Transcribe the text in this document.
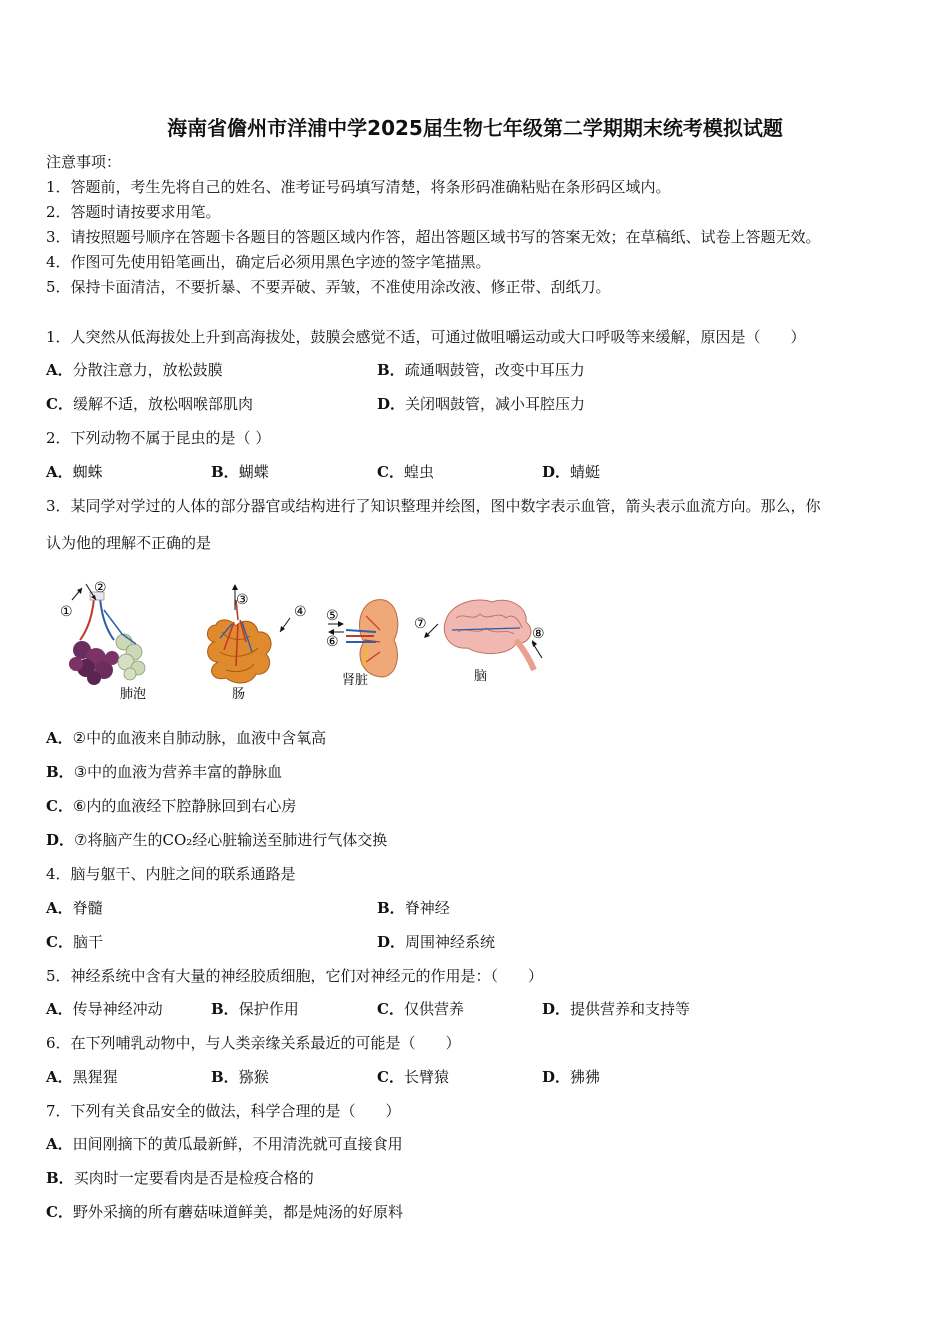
海南省儋州市洋浦中学2025届生物七年级第二学期期末统考模拟试题
注意事项：
1．答题前，考生先将自己的姓名、准考证号码填写清楚，将条形码准确粘贴在条形码区域内。
2．答题时请按要求用笔。
3．请按照题号顺序在答题卡各题目的答题区域内作答，超出答题区域书写的答案无效；在草稿纸、试卷上答题无效。
4．作图可先使用铅笔画出，确定后必须用黑色字迹的签字笔描黑。
5．保持卡面清洁，不要折暴、不要弄破、弄皱，不准使用涂改液、修正带、刮纸刀。
1．人突然从低海拔处上升到高海拔处，鼓膜会感觉不适，可通过做咀嚼运动或大口呼吸等来缓解，原因是（　　）
A．分散注意力，放松鼓膜	B．疏通咽鼓管，改变中耳压力
C．缓解不适，放松咽喉部肌肉	D．关闭咽鼓管，减小耳腔压力
2．下列动物不属于昆虫的是（ ）
A．蜘蛛	B．蝴蝶	C．蝗虫	D．蜻蜓
3．某同学对学过的人体的部分器官或结构进行了知识整理并绘图，图中数字表示血管，箭头表示血流方向。那么，你
认为他的理解不正确的是
①
②
肺泡
③
④
肠
⑤
⑥
肾脏
⑦
⑧
脑
A．②中的血液来自肺动脉，血液中含氧高
B．③中的血液为营养丰富的静脉血
C．⑥内的血液经下腔静脉回到右心房
D．⑦将脑产生的CO₂经心脏输送至肺进行气体交换
4．脑与躯干、内脏之间的联系通路是
A．脊髓	B．脊神经
C．脑干	D．周围神经系统
5．神经系统中含有大量的神经胶质细胞，它们对神经元的作用是：（　　）
A．传导神经冲动	B．保护作用	C．仅供营养	D．提供营养和支持等
6．在下列哺乳动物中，与人类亲缘关系最近的可能是（　　）
A．黑猩猩	B．猕猴	C．长臂猿	D．狒狒
7．下列有关食品安全的做法，科学合理的是（　　）
A．田间刚摘下的黄瓜最新鲜，不用清洗就可直接食用
B．买肉时一定要看肉是否是检疫合格的
C．野外采摘的所有蘑菇味道鲜美，都是炖汤的好原料
